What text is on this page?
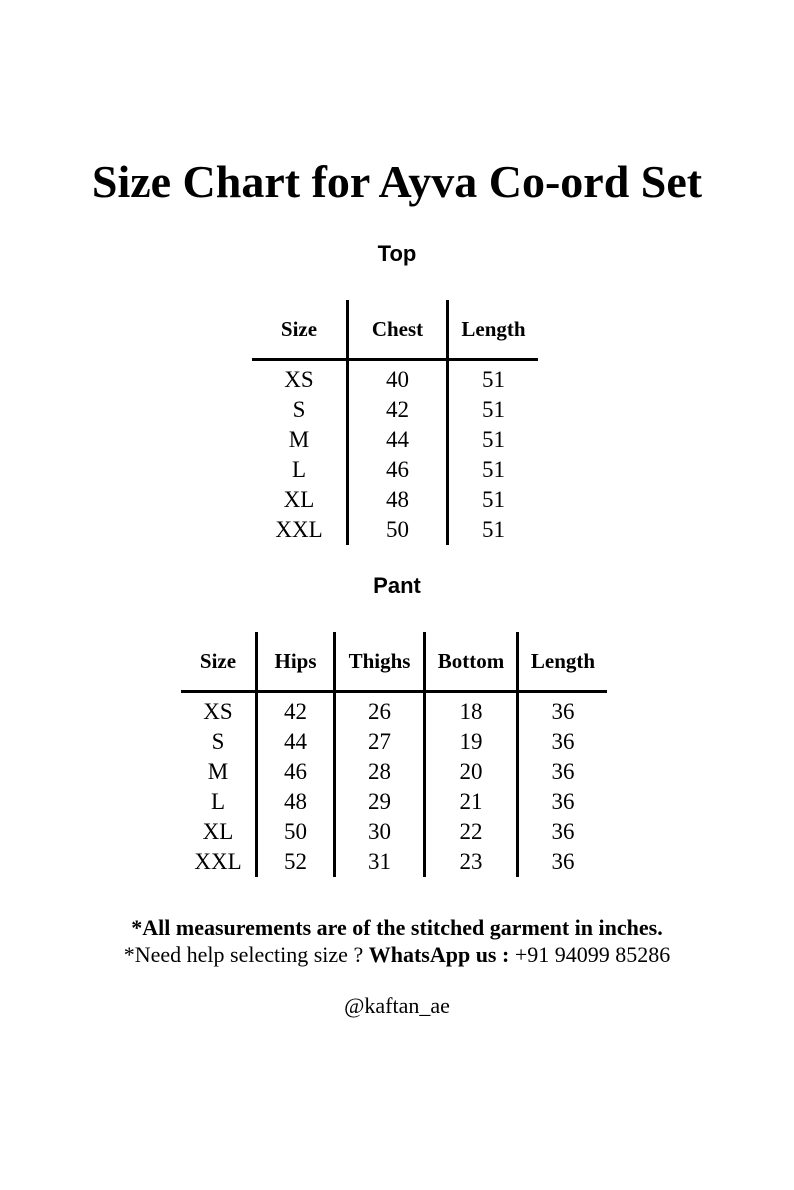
Size Chart for Ayva Co-ord Set
Top
Size	Chest	Length
XS	40	51
S	42	51
M	44	51
L	46	51
XL	48	51
XXL	50	51
Pant
Size	Hips	Thighs	Bottom	Length
XS	42	26	18	36
S	44	27	19	36
M	46	28	20	36
L	48	29	21	36
XL	50	30	22	36
XXL	52	31	23	36
*All measurements are of the stitched garment in inches.
*Need help selecting size ? WhatsApp us : +91 94099 85286
@kaftan_ae
